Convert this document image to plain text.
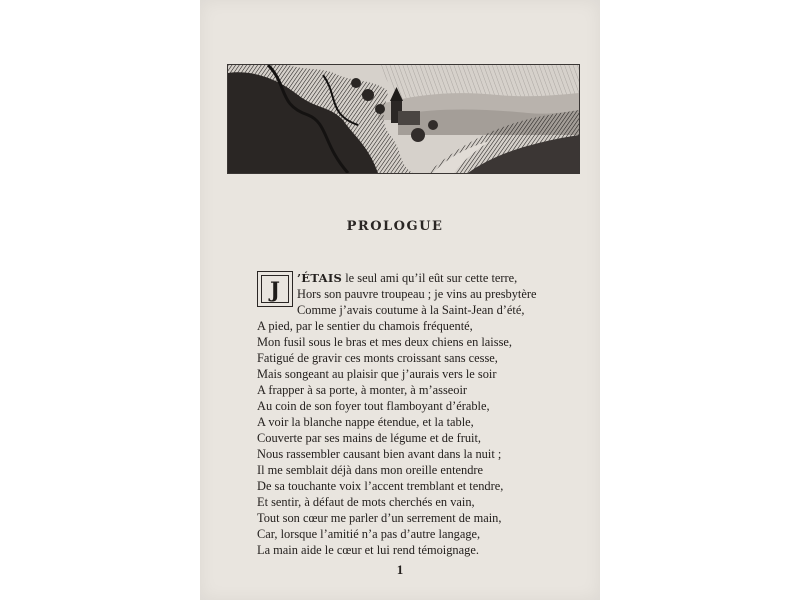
PROLOGUE
J	’ÉTAIS le seul ami qu’il eût sur cette terre,
Hors son pauvre troupeau ; je vins au presbytère
Comme j’avais coutume à la Saint-Jean d’été,
A pied, par le sentier du chamois fréquenté,
Mon fusil sous le bras et mes deux chiens en laisse,
Fatigué de gravir ces monts croissant sans cesse,
Mais songeant au plaisir que j’aurais vers le soir
A frapper à sa porte, à monter, à m’asseoir
Au coin de son foyer tout flamboyant d’érable,
A voir la blanche nappe étendue, et la table,
Couverte par ses mains de légume et de fruit,
Nous rassembler causant bien avant dans la nuit ;
Il me semblait déjà dans mon oreille entendre
De sa touchante voix l’accent tremblant et tendre,
Et sentir, à défaut de mots cherchés en vain,
Tout son cœur me parler d’un serrement de main,
Car, lorsque l’amitié n’a pas d’autre langage,
La main aide le cœur et lui rend témoignage.
1
